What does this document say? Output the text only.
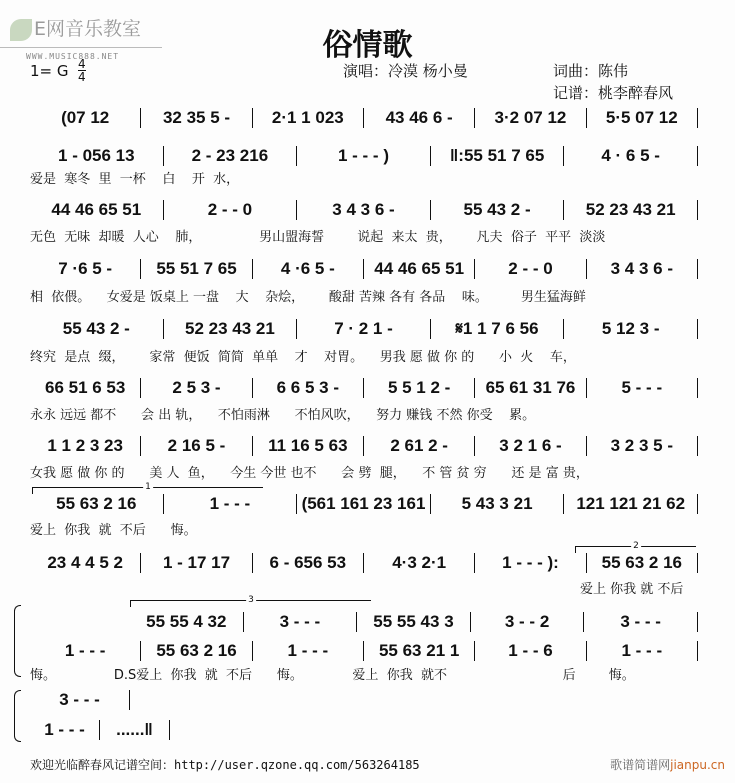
E网音乐教室
WWW.MUSIC888.NET	俗情歌
1= G $\frac{4}{4}$	演唱：冷漠 杨小曼	词曲：陈伟
记谱：桃李醉春风
(07 12	32 35 5 -	2·1 1 023	43 46 6 -	3·2 07 12	5·5 07 12
1 - 056 13	2 - 23 216	1 - - - )	‖:55 51 7 65	4 · 6 5 -
爱是  寒冬  里  一杯    白    开  水，
44 46 65 51	2 - - 0	3 4 3 6 -	55 43 2 -	52 23 43 21
无色  无味  却暖  人心    肺，              男山盟海誓        说起  来太  贵，      凡夫  俗子  平平  淡淡
7 ·6 5 -	55 51 7 65	4 ·6 5 -	44 46 65 51	2 - - 0	3 4 3 6 -
相  依偎。    女爱是 饭桌上 一盘    大    杂烩，      酸甜 苦辣 各有 各品    味。        男生猛海鲜
55 43 2 -	52 23 43 21	7 · 2 1 -	𝄋1 1 7 6 56	5 12 3 -
终究  是点  缀，      家常  便饭  简简  单单    才    对胃。    男我 愿 做 你 的      小  火    车，
66 51 6 53	2 5 3 -	6 6 5 3 -	5 5 1 2 -	65 61 31 76	5 - - -
永永 远远 都不      会 出 轨，    不怕雨淋      不怕风吹，    努力 赚钱 不然 你受    累。
1 1 2 3 23	2 16 5 -	11 16 5 63	2 61 2 -	3 2 1 6 -	3 2 3 5 -
女我 愿 做 你 的      美 人  鱼，    今生 今世 也不      会 劈  腿，    不 管 贫 穷      还 是 富 贵，
55 63 2 16	1 - - -	(561 161 23 161	5 43 3 21	121 121 21 62
爱上  你我  就  不后      悔。
23 4 4 5 2	1 - 17 17	6 - 656 53	4·3 2·1	1 - - - ):	55 63 2 16
爱上 你我 就 不后
55 55 4 32	3 - - -	55 55 43 3	3 - - 2	3 - - -
1 - - -	55 63 2 16	1 - - -	55 63 21 1	1 - - 6	1 - - -
悔。              D.S爱上  你我  就  不后      悔。            爱上  你我  就不                            后        悔。
3 - - -
1 - - -	......‖
3
2
1
欢迎光临醉春风记谱空间：http://user.qzone.qq.com/563264185	歌谱简谱网jianpu.cn
